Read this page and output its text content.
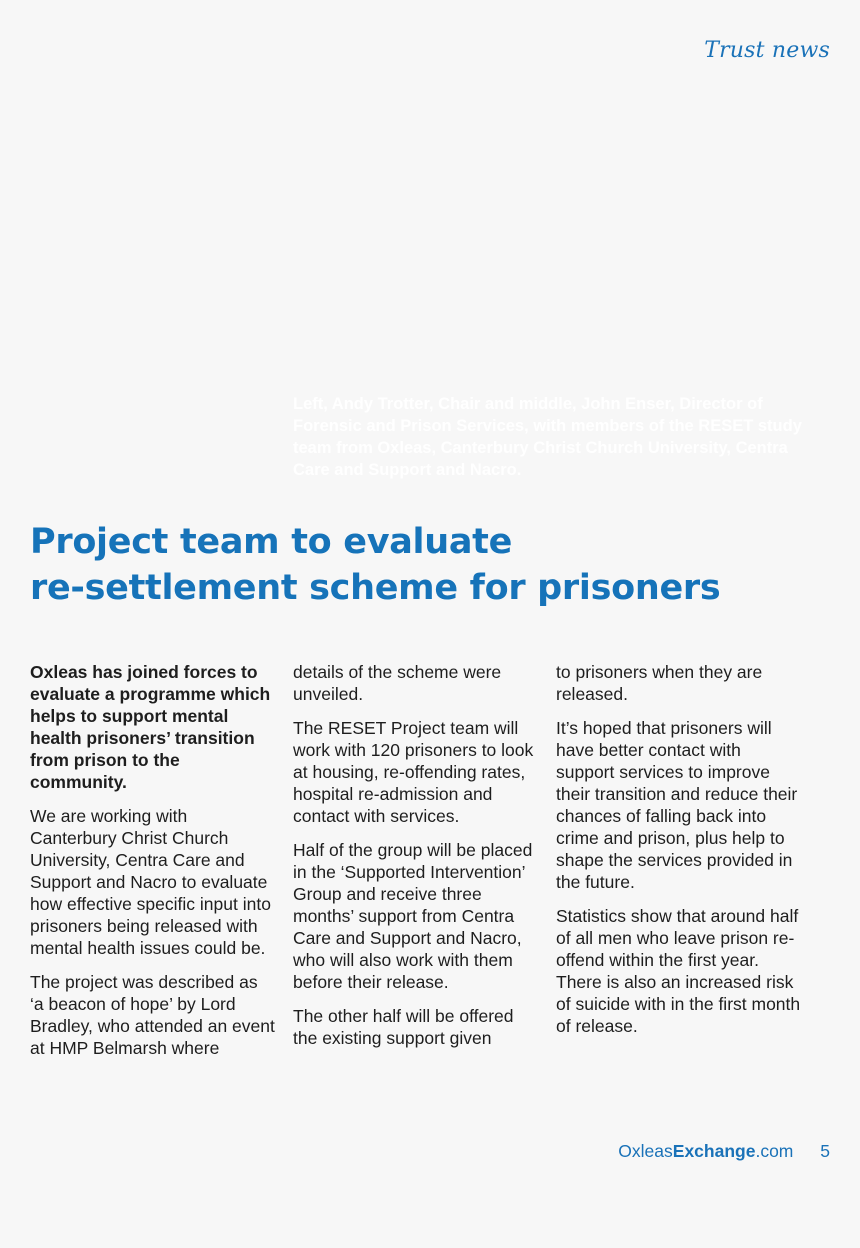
Trust news

Left, Andy Trotter, Chair and middle, John Enser, Director of Forensic and Prison Services, with members of the RESET study team from Oxleas, Canterbury Christ Church University, Centra Care and Support and Nacro.

Project team to evaluate
re-settlement scheme for prisoners

Oxleas has joined forces to evaluate a programme which helps to support mental health prisoners’ transition from prison to the community.

We are working with Canterbury Christ Church University, Centra Care and Support and Nacro to evaluate how effective specific input into prisoners being released with mental health issues could be.

The project was described as ‘a beacon of hope’ by Lord Bradley, who attended an event at HMP Belmarsh where

details of the scheme were unveiled.

The RESET Project team will work with 120 prisoners to look at housing, re-offending rates, hospital re-admission and contact with services.

Half of the group will be placed in the ‘Supported Intervention’ Group and receive three months’ support from Centra Care and Support and Nacro, who will also work with them before their release.

The other half will be offered the existing support given

to prisoners when they are released.

It’s hoped that prisoners will have better contact with support services to improve their transition and reduce their chances of falling back into crime and prison, plus help to shape the services provided in the future.

Statistics show that around half of all men who leave prison re-offend within the first year. There is also an increased risk of suicide with in the first month of release.

OxleasExchange.com 5
